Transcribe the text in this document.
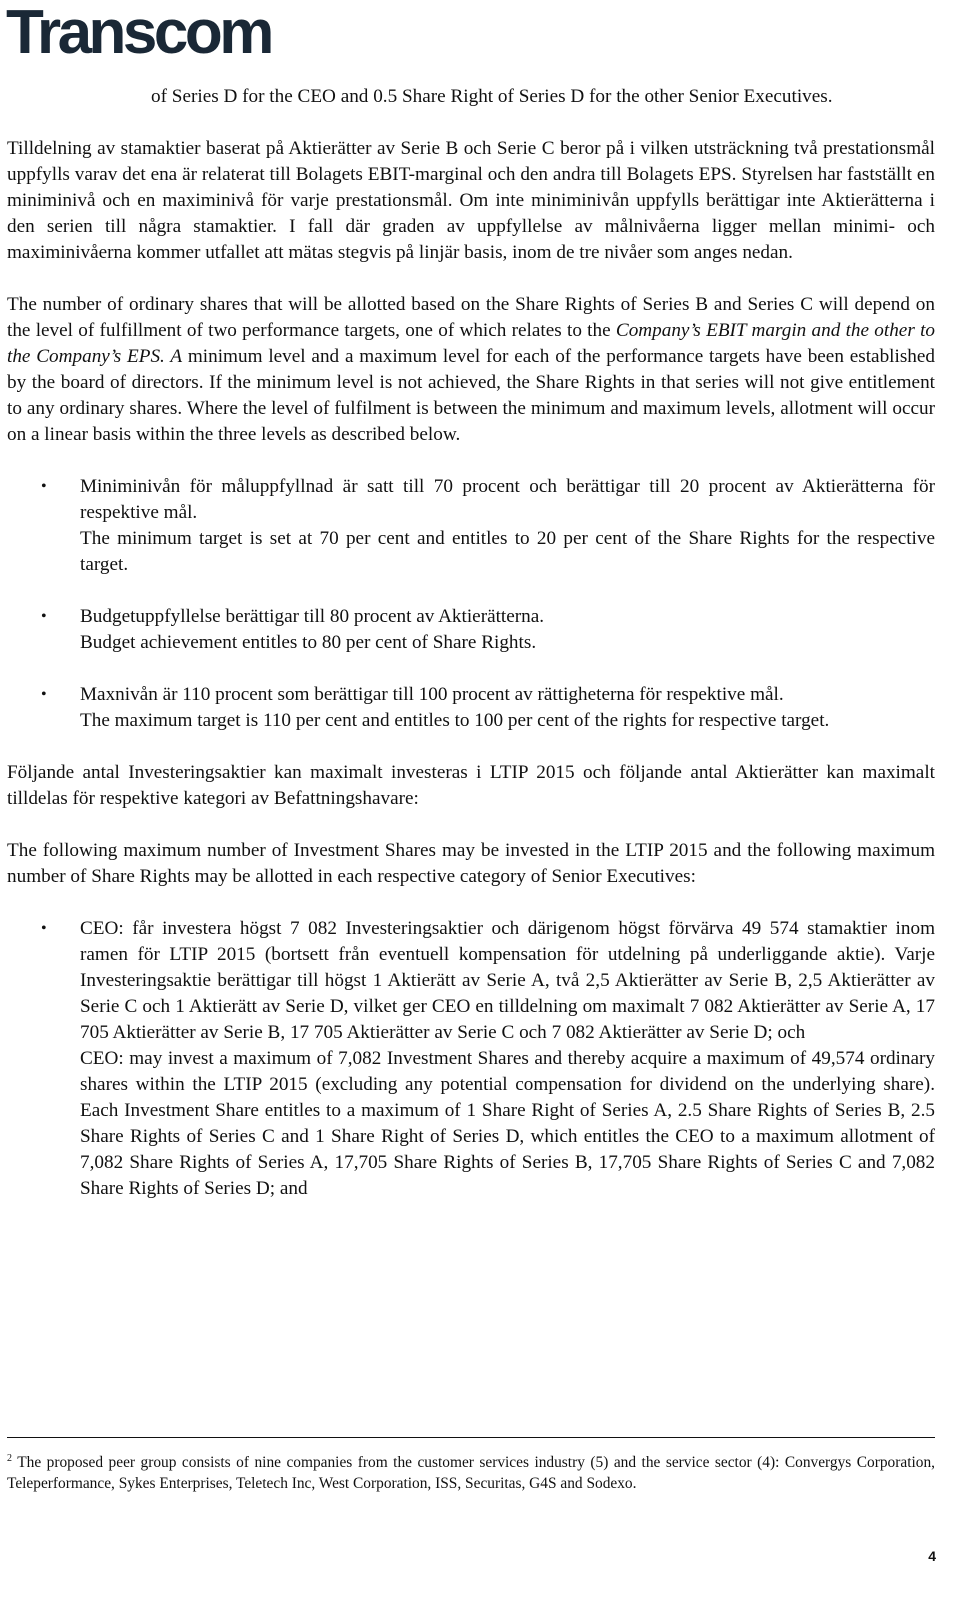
Transcom

of Series D for the CEO and 0.5 Share Right of Series D for the other Senior Executives.

Tilldelning av stamaktier baserat på Aktierätter av Serie B och Serie C beror på i vilken utsträckning två prestationsmål uppfylls varav det ena är relaterat till Bolagets EBIT-marginal och den andra till Bolagets EPS. Styrelsen har fastställt en miniminivå och en maximinivå för varje prestationsmål. Om inte miniminivån uppfylls berättigar inte Aktierätterna i den serien till några stamaktier. I fall där graden av uppfyllelse av målnivåerna ligger mellan minimi- och maximinivåerna kommer utfallet att mätas stegvis på linjär basis, inom de tre nivåer som anges nedan.

The number of ordinary shares that will be allotted based on the Share Rights of Series B and Series C will depend on the level of fulfillment of two performance targets, one of which relates to the Company’s EBIT margin and the other to the Company’s EPS. A minimum level and a maximum level for each of the performance targets have been established by the board of directors. If the minimum level is not achieved, the Share Rights in that series will not give entitlement to any ordinary shares. Where the level of fulfilment is between the minimum and maximum levels, allotment will occur on a linear basis within the three levels as described below.

• Miniminivån för måluppfyllnad är satt till 70 procent och berättigar till 20 procent av Aktierätterna för respektive mål.

The minimum target is set at 70 per cent and entitles to 20 per cent of the Share Rights for the respective target.

• Budgetuppfyllelse berättigar till 80 procent av Aktierätterna.

Budget achievement entitles to 80 per cent of Share Rights.

• Maxnivån är 110 procent som berättigar till 100 procent av rättigheterna för respektive mål.

The maximum target is 110 per cent and entitles to 100 per cent of the rights for respective target.

Följande antal Investeringsaktier kan maximalt investeras i LTIP 2015 och följande antal Aktierätter kan maximalt tilldelas för respektive kategori av Befattningshavare:

The following maximum number of Investment Shares may be invested in the LTIP 2015 and the following maximum number of Share Rights may be allotted in each respective category of Senior Executives:

• CEO: får investera högst 7 082 Investeringsaktier och därigenom högst förvärva 49 574 stamaktier inom ramen för LTIP 2015 (bortsett från eventuell kompensation för utdelning på underliggande aktie). Varje Investeringsaktie berättigar till högst 1 Aktierätt av Serie A, två 2,5 Aktierätter av Serie B, 2,5 Aktierätter av Serie C och 1 Aktierätt av Serie D, vilket ger CEO en tilldelning om maximalt 7 082 Aktierätter av Serie A, 17 705 Aktierätter av Serie B, 17 705 Aktierätter av Serie C och 7 082 Aktierätter av Serie D; och

CEO: may invest a maximum of 7,082 Investment Shares and thereby acquire a maximum of 49,574 ordinary shares within the LTIP 2015 (excluding any potential compensation for dividend on the underlying share). Each Investment Share entitles to a maximum of 1 Share Right of Series A, 2.5 Share Rights of Series B, 2.5 Share Rights of Series C and 1 Share Right of Series D, which entitles the CEO to a maximum allotment of 7,082 Share Rights of Series A, 17,705 Share Rights of Series B, 17,705 Share Rights of Series C and 7,082 Share Rights of Series D; and

$^2$ The proposed peer group consists of nine companies from the customer services industry (5) and the service sector (4): Convergys Corporation, Teleperformance, Sykes Enterprises, Teletech Inc, West Corporation, ISS, Securitas, G4S and Sodexo.
4
